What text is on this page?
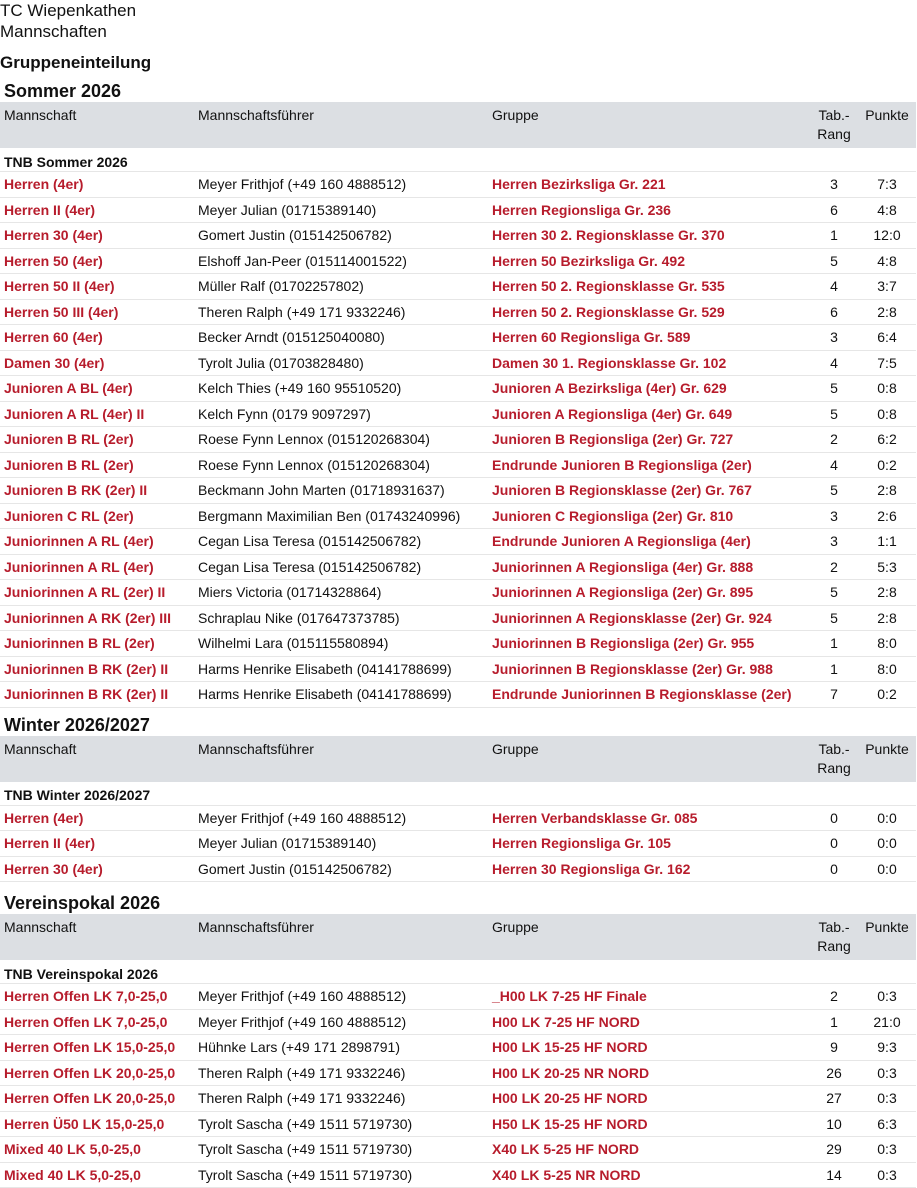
TC Wiepenkathen
Mannschaften
Gruppeneinteilung
Sommer 2026
Mannschaft	Mannschaftsführer	Gruppe	Tab.-Rang	Punkte
TNB Sommer 2026				
Herren (4er)	Meyer Frithjof (+49 160 4888512)	Herren Bezirksliga Gr. 221	3	7:3
Herren II (4er)	Meyer Julian (01715389140)	Herren Regionsliga Gr. 236	6	4:8
Herren 30 (4er)	Gomert Justin (015142506782)	Herren 30 2. Regionsklasse Gr. 370	1	12:0
Herren 50 (4er)	Elshoff Jan-Peer (015114001522)	Herren 50 Bezirksliga Gr. 492	5	4:8
Herren 50 II (4er)	Müller Ralf (01702257802)	Herren 50 2. Regionsklasse Gr. 535	4	3:7
Herren 50 III (4er)	Theren Ralph (+49 171 9332246)	Herren 50 2. Regionsklasse Gr. 529	6	2:8
Herren 60 (4er)	Becker Arndt (015125040080)	Herren 60 Regionsliga Gr. 589	3	6:4
Damen 30 (4er)	Tyrolt Julia (01703828480)	Damen 30 1. Regionsklasse Gr. 102	4	7:5
Junioren A BL (4er)	Kelch Thies (+49 160 95510520)	Junioren A Bezirksliga (4er) Gr. 629	5	0:8
Junioren A RL (4er) II	Kelch Fynn (0179 9097297)	Junioren A Regionsliga (4er) Gr. 649	5	0:8
Junioren B RL (2er)	Roese Fynn Lennox (015120268304)	Junioren B Regionsliga (2er) Gr. 727	2	6:2
Junioren B RL (2er)	Roese Fynn Lennox (015120268304)	Endrunde Junioren B Regionsliga (2er)	4	0:2
Junioren B RK (2er) II	Beckmann John Marten (01718931637)	Junioren B Regionsklasse (2er) Gr. 767	5	2:8
Junioren C RL (2er)	Bergmann Maximilian Ben (01743240996)	Junioren C Regionsliga (2er) Gr. 810	3	2:6
Juniorinnen A RL (4er)	Cegan Lisa Teresa (015142506782)	Endrunde Junioren A Regionsliga (4er)	3	1:1
Juniorinnen A RL (4er)	Cegan Lisa Teresa (015142506782)	Juniorinnen A Regionsliga (4er) Gr. 888	2	5:3
Juniorinnen A RL (2er) II	Miers Victoria (01714328864)	Juniorinnen A Regionsliga (2er) Gr. 895	5	2:8
Juniorinnen A RK (2er) III	Schraplau Nike (017647373785)	Juniorinnen A Regionsklasse (2er) Gr. 924	5	2:8
Juniorinnen B RL (2er)	Wilhelmi Lara (015115580894)	Juniorinnen B Regionsliga (2er) Gr. 955	1	8:0
Juniorinnen B RK (2er) II	Harms Henrike Elisabeth (04141788699)	Juniorinnen B Regionsklasse (2er) Gr. 988	1	8:0
Juniorinnen B RK (2er) II	Harms Henrike Elisabeth (04141788699)	Endrunde Juniorinnen B Regionsklasse (2er)	7	0:2
Winter 2026/2027
Mannschaft	Mannschaftsführer	Gruppe	Tab.-Rang	Punkte
TNB Winter 2026/2027				
Herren (4er)	Meyer Frithjof (+49 160 4888512)	Herren Verbandsklasse Gr. 085	0	0:0
Herren II (4er)	Meyer Julian (01715389140)	Herren Regionsliga Gr. 105	0	0:0
Herren 30 (4er)	Gomert Justin (015142506782)	Herren 30 Regionsliga Gr. 162	0	0:0
Vereinspokal 2026
Mannschaft	Mannschaftsführer	Gruppe	Tab.-Rang	Punkte
TNB Vereinspokal 2026				
Herren Offen LK 7,0-25,0	Meyer Frithjof (+49 160 4888512)	_H00 LK 7-25 HF Finale	2	0:3
Herren Offen LK 7,0-25,0	Meyer Frithjof (+49 160 4888512)	H00 LK 7-25 HF NORD	1	21:0
Herren Offen LK 15,0-25,0	Hühnke Lars (+49 171 2898791)	H00 LK 15-25 HF NORD	9	9:3
Herren Offen LK 20,0-25,0	Theren Ralph (+49 171 9332246)	H00 LK 20-25 NR NORD	26	0:3
Herren Offen LK 20,0-25,0	Theren Ralph (+49 171 9332246)	H00 LK 20-25 HF NORD	27	0:3
Herren Ü50 LK 15,0-25,0	Tyrolt Sascha (+49 1511 5719730)	H50 LK 15-25 HF NORD	10	6:3
Mixed 40 LK 5,0-25,0	Tyrolt Sascha (+49 1511 5719730)	X40 LK 5-25 HF NORD	29	0:3
Mixed 40 LK 5,0-25,0	Tyrolt Sascha (+49 1511 5719730)	X40 LK 5-25 NR NORD	14	0:3
